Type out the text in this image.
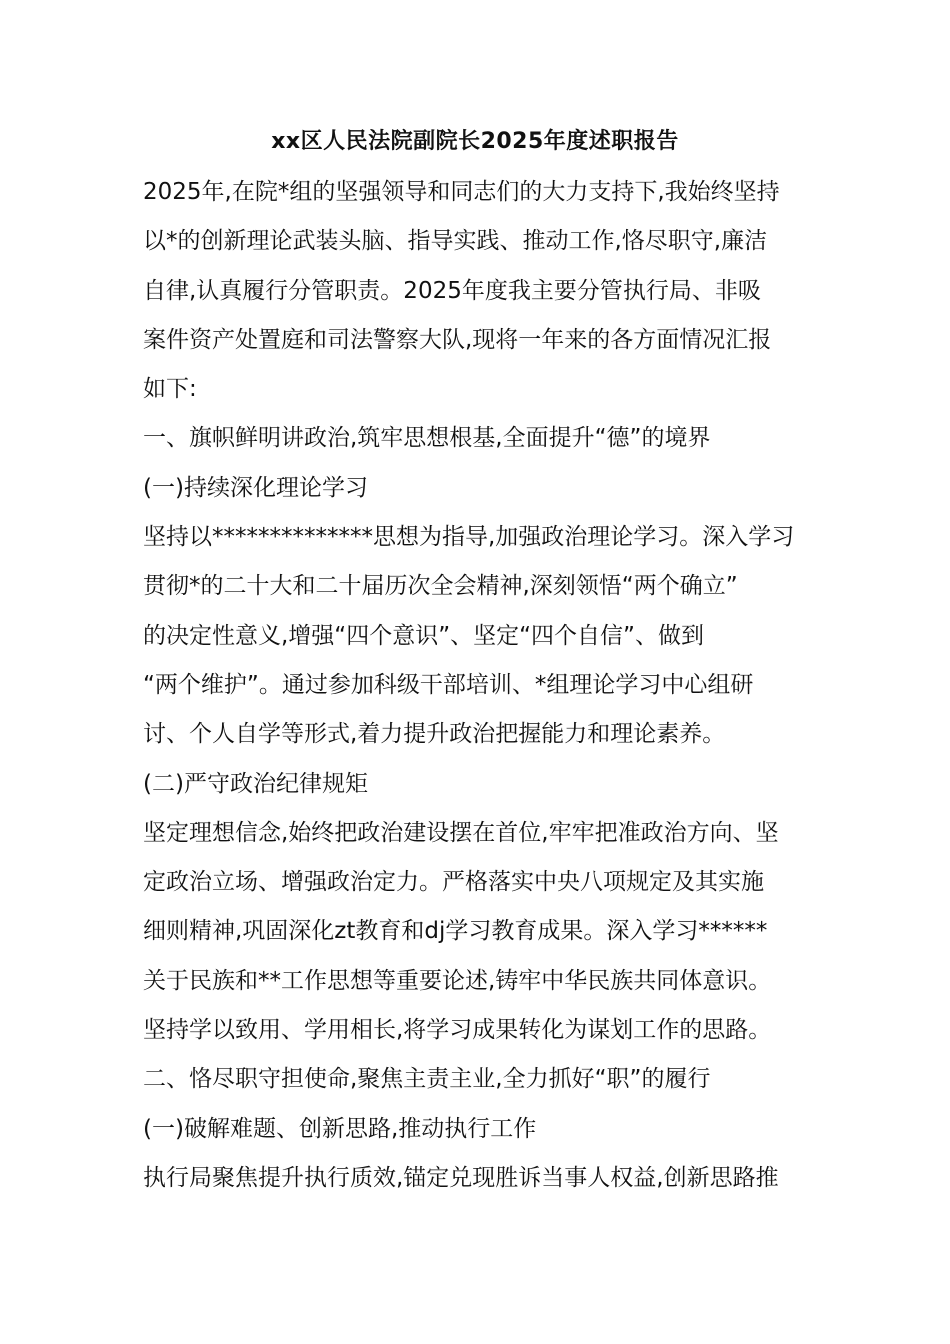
xx区人民法院副院长2025年度述职报告
2025年,在院*组的坚强领导和同志们的大力支持下,我始终坚持
以*的创新理论武装头脑、指导实践、推动工作,恪尽职守,廉洁
自律,认真履行分管职责。2025年度我主要分管执行局、非吸
案件资产处置庭和司法警察大队,现将一年来的各方面情况汇报
如下:
一、旗帜鲜明讲政治,筑牢思想根基,全面提升“德”的境界
(一)持续深化理论学习
坚持以**************思想为指导,加强政治理论学习。深入学习
贯彻*的二十大和二十届历次全会精神,深刻领悟“两个确立”
的决定性意义,增强“四个意识”、坚定“四个自信”、做到
“两个维护”。通过参加科级干部培训、*组理论学习中心组研
讨、个人自学等形式,着力提升政治把握能力和理论素养。
(二)严守政治纪律规矩
坚定理想信念,始终把政治建设摆在首位,牢牢把准政治方向、坚
定政治立场、增强政治定力。严格落实中央八项规定及其实施
细则精神,巩固深化zt教育和dj学习教育成果。深入学习******
关于民族和**工作思想等重要论述,铸牢中华民族共同体意识。
坚持学以致用、学用相长,将学习成果转化为谋划工作的思路。
二、恪尽职守担使命,聚焦主责主业,全力抓好“职”的履行
(一)破解难题、创新思路,推动执行工作
执行局聚焦提升执行质效,锚定兑现胜诉当事人权益,创新思路推
